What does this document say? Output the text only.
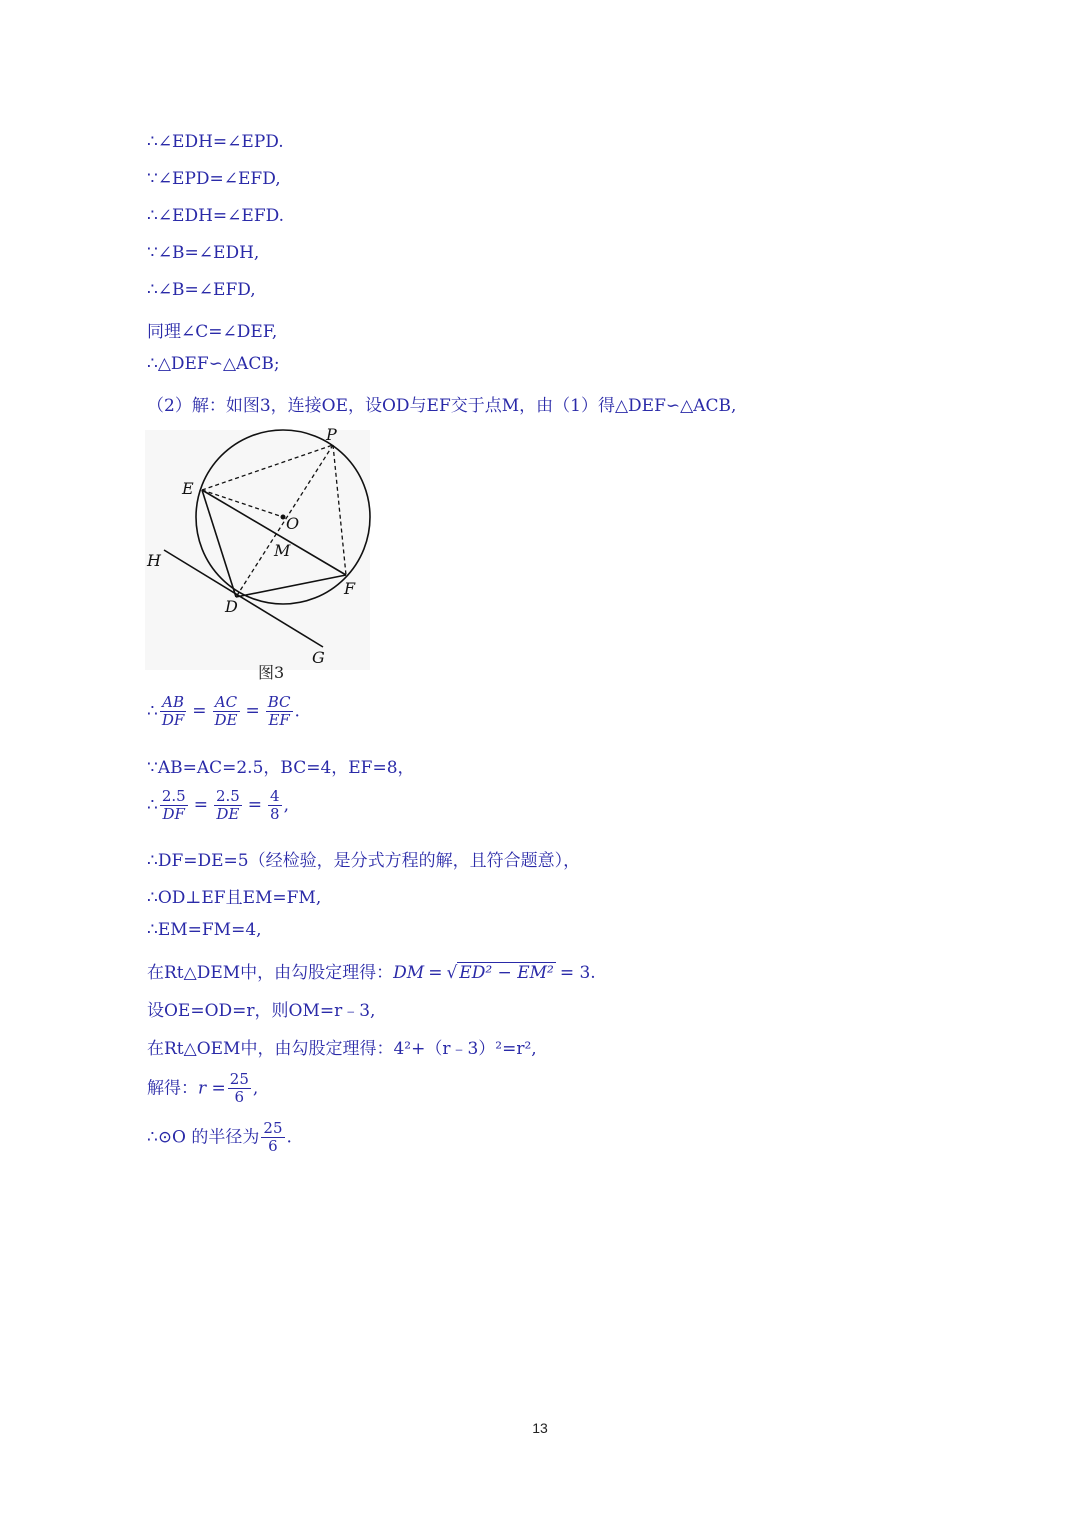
∴∠EDH=∠EPD.
∵∠EPD=∠EFD,
∴∠EDH=∠EFD.
∵∠B=∠EDH,
∴∠B=∠EFD,
同理∠C=∠DEF,
∴△DEF∽△ACB;
（2）解：如图3，连接OE，设OD与EF交于点M，由（1）得△DEF∽△ACB,
P
E
O
M
H
F
D
G
图3
∴ $\frac{AB}{DF} = \frac{AC}{DE} = \frac{BC}{EF}$ .
∵AB=AC=2.5，BC=4，EF=8，
∴ $\frac{2.5}{DF} = \frac{2.5}{DE} = \frac{4}{8}$ ,
∴DF=DE=5（经检验，是分式方程的解，且符合题意），
∴OD⊥EF且EM=FM,
∴EM=FM=4,
在Rt△DEM中，由勾股定理得：DM = √ ED² − EM² = 3.
设OE=OD=r，则OM=r﹣3,
在Rt△OEM中，由勾股定理得：4²+（r﹣3）²=r²,
解得：$r = \frac{25}{6}$ ,
∴⊙O 的半径为 $\frac{25}{6}$ .
13
